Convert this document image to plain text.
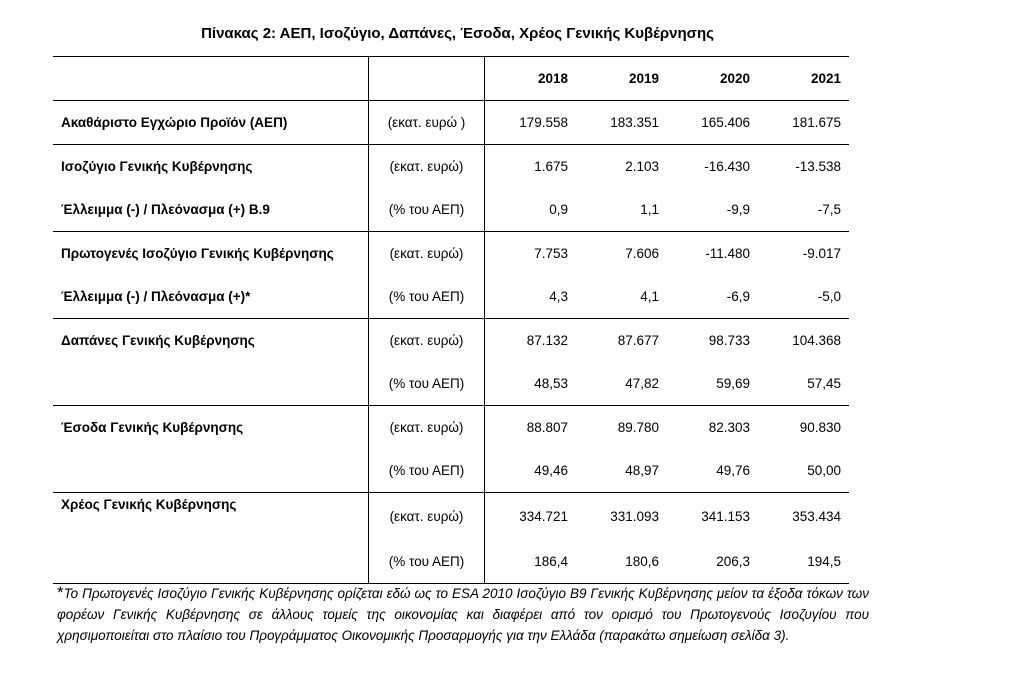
Πίνακας 2: ΑΕΠ, Ισοζύγιο, Δαπάνες, Έσοδα, Χρέος Γενικής Κυβέρνησης
		2018	2019	2020	2021
Ακαθάριστο Εγχώριο Προϊόν (ΑΕΠ)	(εκατ. ευρώ )	179.558	183.351	165.406	181.675
Ισοζύγιο Γενικής Κυβέρνησης	(εκατ. ευρώ)	1.675	2.103	-16.430	-13.538
Έλλειμμα (-) / Πλεόνασμα (+) Β.9	(% του ΑΕΠ)	0,9	1,1	-9,9	-7,5
Πρωτογενές Ισοζύγιο Γενικής Κυβέρνησης	(εκατ. ευρώ)	7.753	7.606	-11.480	-9.017
Έλλειμμα (-) / Πλεόνασμα (+)*	(% του ΑΕΠ)	4,3	4,1	-6,9	-5,0
Δαπάνες Γενικής Κυβέρνησης	(εκατ. ευρώ)	87.132	87.677	98.733	104.368
	(% του ΑΕΠ)	48,53	47,82	59,69	57,45
Έσοδα Γενικής Κυβέρνησης	(εκατ. ευρώ)	88.807	89.780	82.303	90.830
	(% του ΑΕΠ)	49,46	48,97	49,76	50,00
Χρέος Γενικής Κυβέρνησης	(εκατ. ευρώ)	334.721	331.093	341.153	353.434
	(% του ΑΕΠ)	186,4	180,6	206,3	194,5
*Το Πρωτογενές Ισοζύγιο Γενικής Κυβέρνησης ορίζεται εδώ ως το ESA 2010 Ισοζύγιο Β9 Γενικής Κυβέρνησης μείον τα έξοδα τόκων των φορέων Γενικής Κυβέρνησης σε άλλους τομείς της οικονομίας και διαφέρει από τον ορισμό του Πρωτογενούς Ισοζυγίου που χρησιμοποιείται στο πλαίσιο του Προγράμματος Οικονομικής Προσαρμογής για την Ελλάδα (παρακάτω σημείωση σελίδα 3).
